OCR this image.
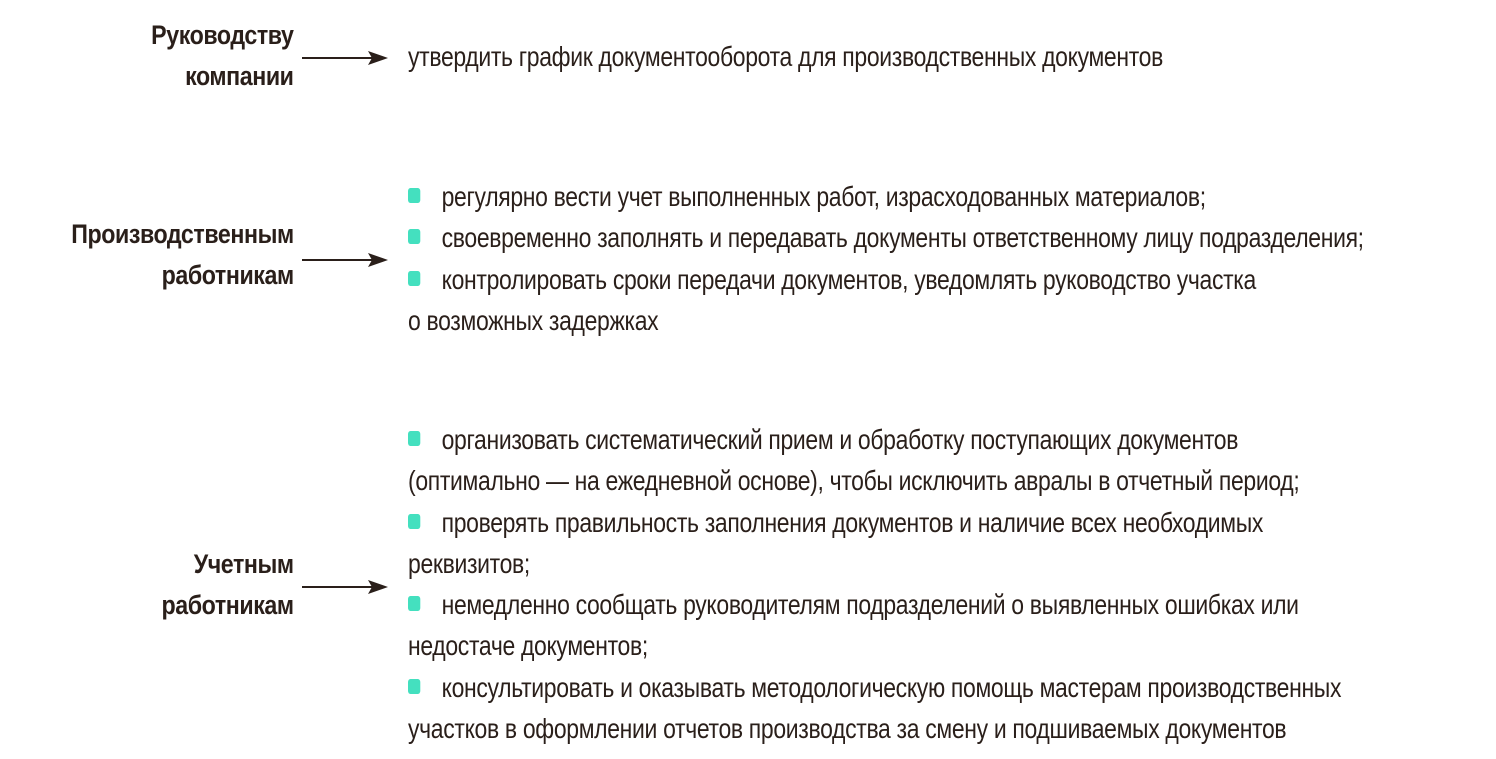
Руководству
компании
утвердить график документооборота для производственных документов
Производственным
работникам
регулярно вести учет выполненных работ, израсходованных материалов;
своевременно заполнять и передавать документы ответственному лицу подразделения;
контролировать сроки передачи документов, уведомлять руководство участка
о возможных задержках
Учетным
работникам
организовать систематический прием и обработку поступающих документов
(оптимально — на ежедневной основе), чтобы исключить авралы в отчетный период;
проверять правильность заполнения документов и наличие всех необходимых
реквизитов;
немедленно сообщать руководителям подразделений о выявленных ошибках или
недостаче документов;
консультировать и оказывать методологическую помощь мастерам производственных
участков в оформлении отчетов производства за смену и подшиваемых документов
